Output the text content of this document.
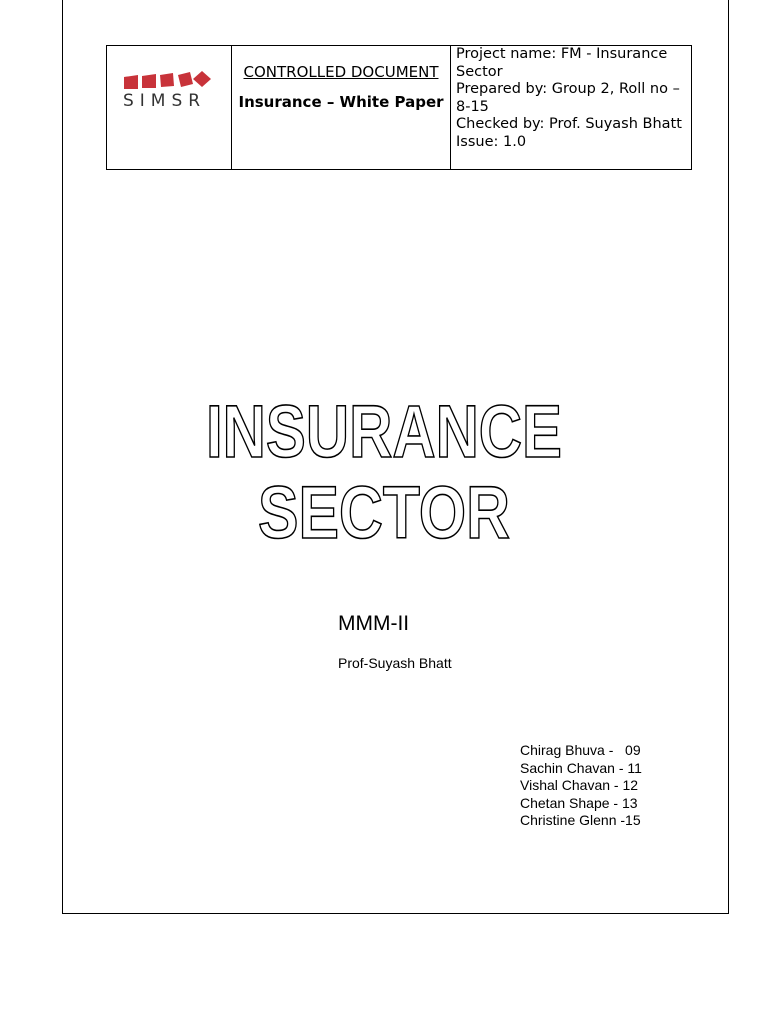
SIMSR
CONTROLLED DOCUMENT
Insurance – White Paper
Project name: FM - Insurance Sector
Prepared by: Group 2, Roll no – 8-15
Checked by: Prof. Suyash Bhatt
Issue: 1.0
INSURANCE
SECTOR
MMM-II
Prof-Suyash Bhatt
Chirag Bhuva -   09
Sachin Chavan - 11
Vishal Chavan - 12
Chetan Shape - 13
Christine Glenn -15
